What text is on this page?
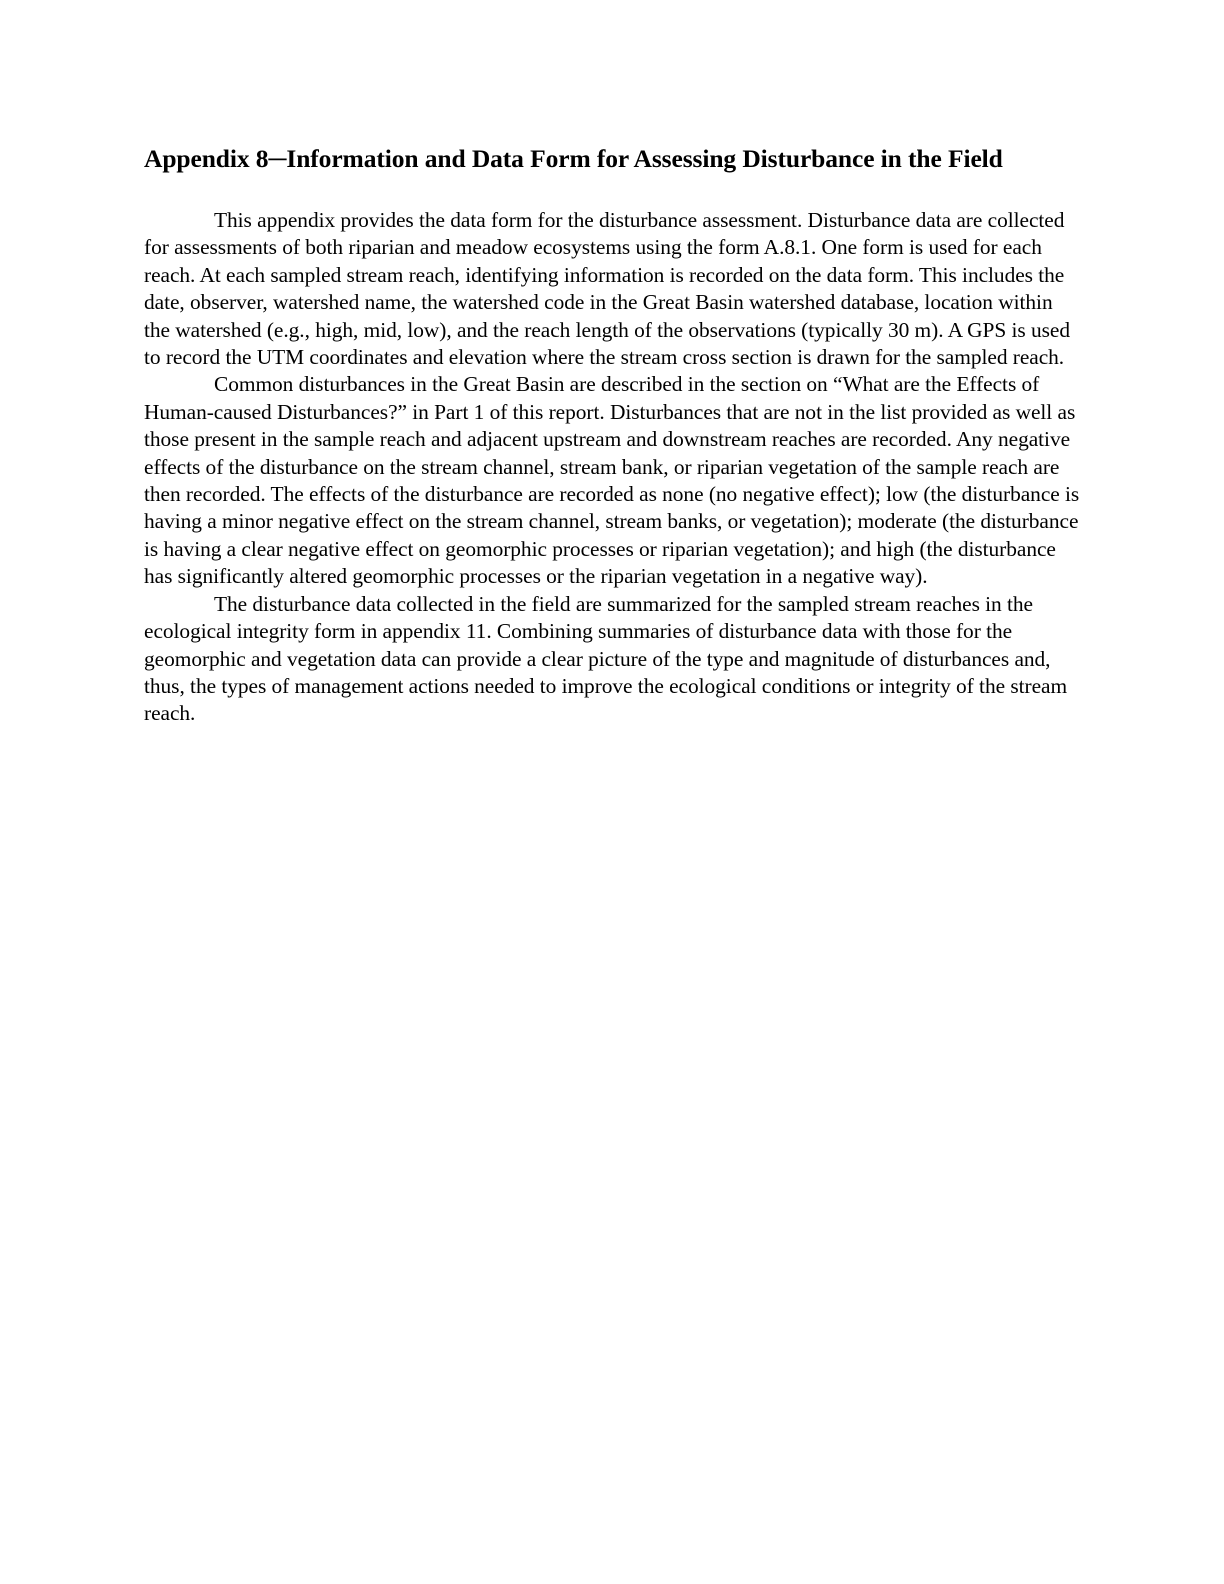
Appendix 8─Information and Data Form for Assessing Disturbance in the Field

This appendix provides the data form for the disturbance assessment. Disturbance data are collected for assessments of both riparian and meadow ecosystems using the form A.8.1. One form is used for each reach. At each sampled stream reach, identifying information is recorded on the data form. This includes the date, observer, watershed name, the watershed code in the Great Basin watershed database, location within the watershed (e.g., high, mid, low), and the reach length of the observations (typically 30 m). A GPS is used to record the UTM coordinates and elevation where the stream cross section is drawn for the sampled reach.

Common disturbances in the Great Basin are described in the section on “What are the Effects of Human-caused Disturbances?” in Part 1 of this report. Disturbances that are not in the list provided as well as those present in the sample reach and adjacent upstream and downstream reaches are recorded. Any negative effects of the disturbance on the stream channel, stream bank, or riparian vegetation of the sample reach are then recorded. The effects of the disturbance are recorded as none (no negative effect); low (the disturbance is having a minor negative effect on the stream channel, stream banks, or vegetation); moderate (the disturbance is having a clear negative effect on geomorphic processes or riparian vegetation); and high (the disturbance has significantly altered geomorphic processes or the riparian vegetation in a negative way).

The disturbance data collected in the field are summarized for the sampled stream reaches in the ecological integrity form in appendix 11. Combining summaries of disturbance data with those for the geomorphic and vegetation data can provide a clear picture of the type and magnitude of disturbances and, thus, the types of management actions needed to improve the ecological conditions or integrity of the stream reach.
